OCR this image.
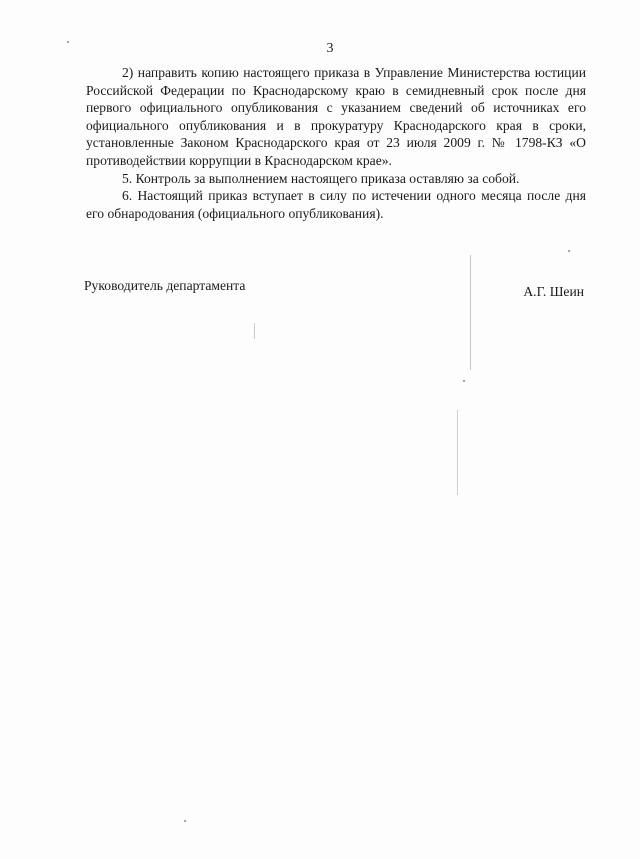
3

2) направить копию настоящего приказа в Управление Министерства юстиции Российской Федерации по Краснодарскому краю в семидневный срок после дня первого официального опубликования с указанием сведений об источниках его официального опубликования и в прокуратуру Краснодарского края в сроки, установленные Законом Краснодарского края от 23 июля 2009 г. № 1798-КЗ «О противодействии коррупции в Краснодарском крае».

5. Контроль за выполнением настоящего приказа оставляю за собой.

6. Настоящий приказ вступает в силу по истечении одного месяца после дня его обнародования (официального опубликования).

Руководитель департамента	А.Г. Шеин
